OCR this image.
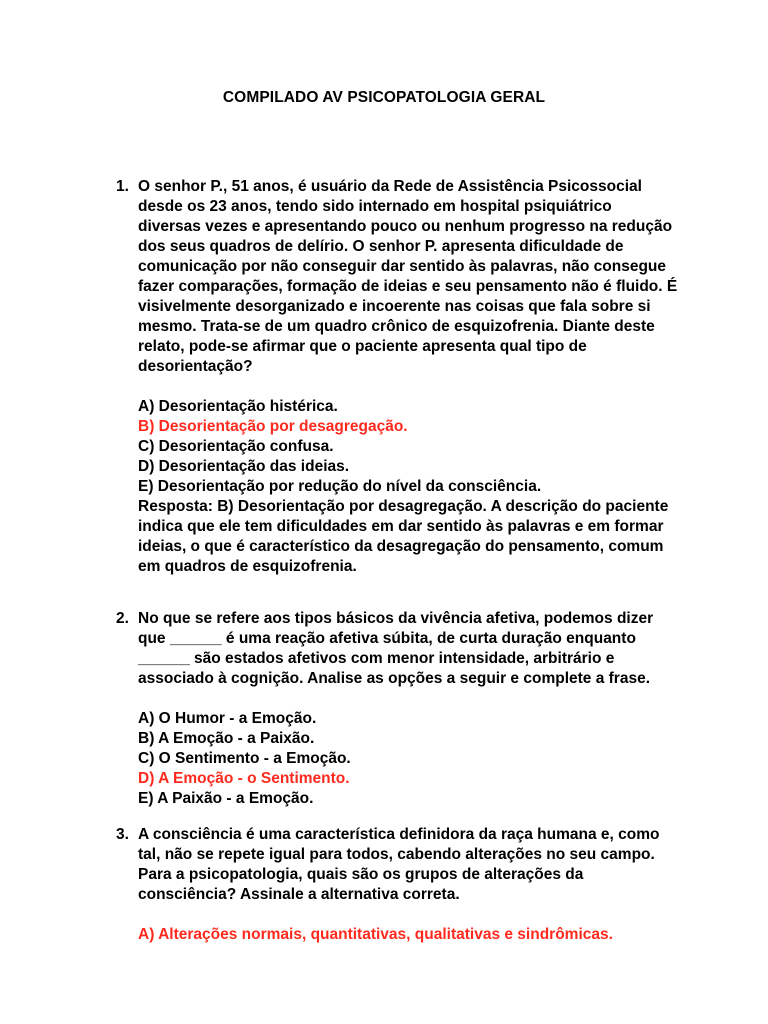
COMPILADO AV PSICOPATOLOGIA GERAL
1. O senhor P., 51 anos, é usuário da Rede de Assistência Psicossocial desde os 23 anos, tendo sido internado em hospital psiquiátrico diversas vezes e apresentando pouco ou nenhum progresso na redução dos seus quadros de delírio. O senhor P. apresenta dificuldade de comunicação por não conseguir dar sentido às palavras, não consegue fazer comparações, formação de ideias e seu pensamento não é fluido. É visivelmente desorganizado e incoerente nas coisas que fala sobre si mesmo. Trata-se de um quadro crônico de esquizofrenia. Diante deste relato, pode-se afirmar que o paciente apresenta qual tipo de desorientação?

A) Desorientação histérica.
B) Desorientação por desagregação.
C) Desorientação confusa.
D) Desorientação das ideias.
E) Desorientação por redução do nível da consciência.

Resposta: B) Desorientação por desagregação. A descrição do paciente indica que ele tem dificuldades em dar sentido às palavras e em formar ideias, o que é característico da desagregação do pensamento, comum em quadros de esquizofrenia.

2. No que se refere aos tipos básicos da vivência afetiva, podemos dizer que ______ é uma reação afetiva súbita, de curta duração enquanto ______ são estados afetivos com menor intensidade, arbitrário e associado à cognição. Analise as opções a seguir e complete a frase.

A) O Humor - a Emoção.
B) A Emoção - a Paixão.
C) O Sentimento - a Emoção.
D) A Emoção - o Sentimento.
E) A Paixão - a Emoção.
3. A consciência é uma característica definidora da raça humana e, como tal, não se repete igual para todos, cabendo alterações no seu campo. Para a psicopatologia, quais são os grupos de alterações da consciência? Assinale a alternativa correta.

A) Alterações normais, quantitativas, qualitativas e sindrômicas.
